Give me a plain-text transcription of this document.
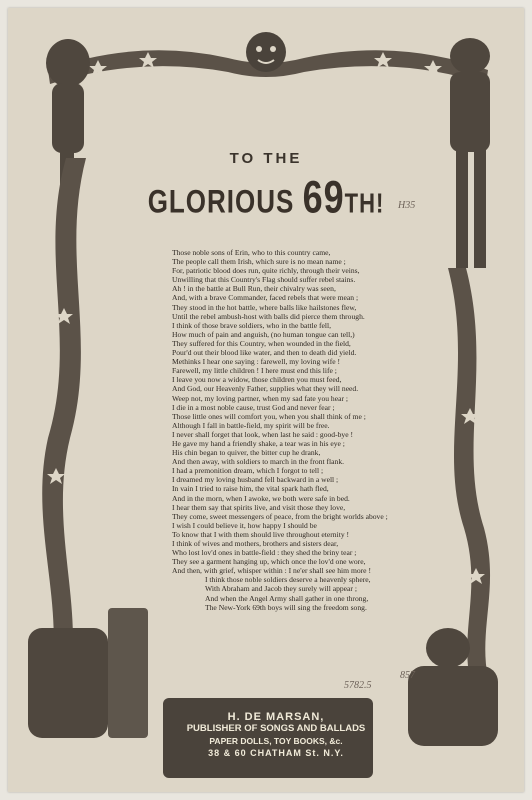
TO THE
GLORIOUS 69TH!	H35
5782.5
857
Those noble sons of Erin, who to this country came,
The people call them Irish, which sure is no mean name ;
For, patriotic blood does run, quite richly, through their veins,
Unwilling that this Country's Flag should suffer rebel stains.
Ah ! in the battle at Bull Run, their chivalry was seen,
And, with a brave Commander, faced rebels that were mean ;
They stood in the hot battle, where balls like hailstones flew,
Until the rebel ambush-host with balls did pierce them through.
I think of those brave soldiers, who in the battle fell,
How much of pain and anguish, (no human tongue can tell,)
They suffered for this Country, when wounded in the field,
Pour'd out their blood like water, and then to death did yield.
Methinks I hear one saying : farewell, my loving wife !
Farewell, my little children ! I here must end this life ;
I leave you now a widow, those children you must feed,
And God, our Heavenly Father, supplies what they will need.
Weep not, my loving partner, when my sad fate you hear ;
I die in a most noble cause, trust God and never fear ;
Those little ones will comfort you, when you shall think of me ;
Although I fall in battle-field, my spirit will be free.
I never shall forget that look, when last he said : good-bye !
He gave my hand a friendly shake, a tear was in his eye ;
His chin began to quiver, the bitter cup he drank,
And then away, with soldiers to march in the front flank.
I had a premonition dream, which I forgot to tell ;
I dreamed my loving husband fell backward in a well ;
In vain I tried to raise him, the vital spark hath fled,
And in the morn, when I awoke, we both were safe in bed.
I hear them say that spirits live, and visit those they love,
They come, sweet messengers of peace, from the bright worlds above ;
I wish I could believe it, how happy I should be
To know that I with them should live throughout eternity !
I think of wives and mothers, brothers and sisters dear,
Who lost lov'd ones in battle-field : they shed the briny tear ;
They see a garment hanging up, which once the lov'd one wore,
And then, with grief, whisper within : I ne'er shall see him more !
I think those noble soldiers deserve a heavenly sphere,
With Abraham and Jacob they surely will appear ;
And when the Angel Army shall gather in one throng,
The New-York 69th boys will sing the freedom song.
H. DE MARSAN,
PUBLISHER OF SONGS AND BALLADS
PAPER DOLLS, TOY BOOKS, &c.
38 & 60 CHATHAM St. N.Y.
